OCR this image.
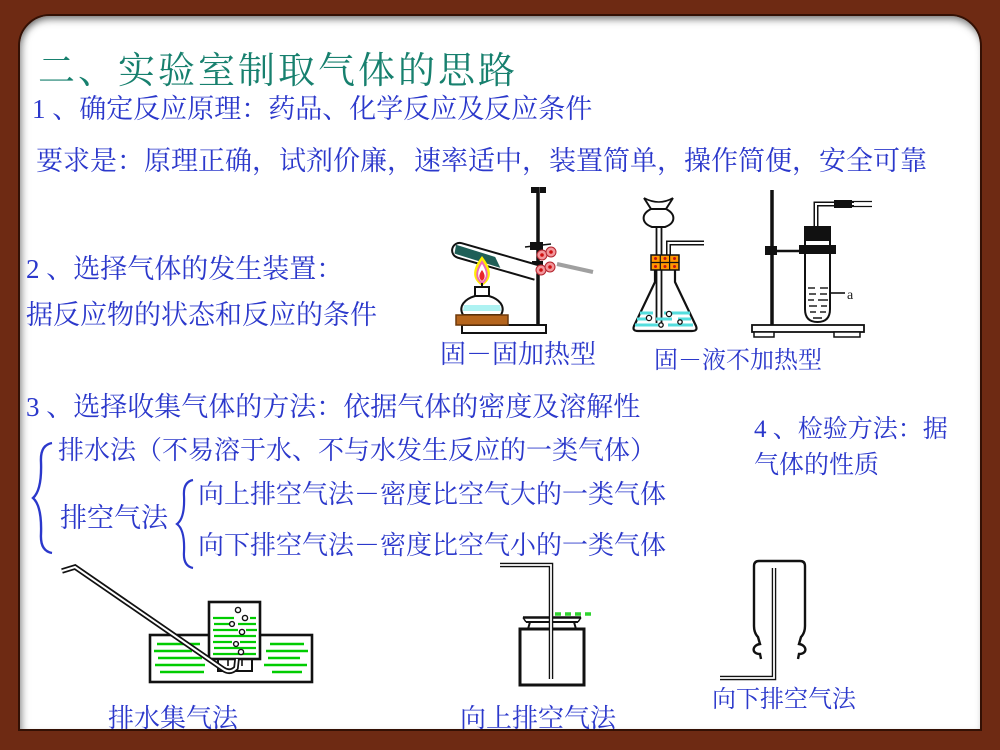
二、实验室制取气体的思路
1 、确定反应原理：药品、化学反应及反应条件
要求是：原理正确，试剂价廉，速率适中，装置简单，操作简便，安全可靠
2 、选择气体的发生装置：
据反应物的状态和反应的条件
固－固加热型 固－液不加热型
3 、选择收集气体的方法：依据气体的密度及溶解性
排水法（不易溶于水、不与水发生反应的一类气体）
排空气法
向上排空气法－密度比空气大的一类气体
向下排空气法－密度比空气小的一类气体
4 、检验方法：据
气体的性质
排水集气法	向上排空气法
向下排空气法
a
